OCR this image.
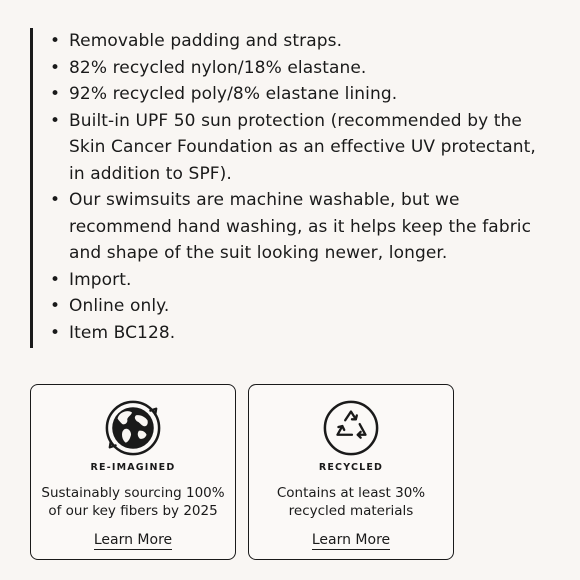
• Removable padding and straps.
• 82% recycled nylon/18% elastane.
• 92% recycled poly/8% elastane lining.
• Built-in UPF 50 sun protection (recommended by the Skin Cancer Foundation as an effective UV protectant, in addition to SPF).
• Our swimsuits are machine washable, but we recommend hand washing, as it helps keep the fabric and shape of the suit looking newer, longer.
• Import.
• Online only.
• Item BC128.
RE-IMAGINED
Sustainably sourcing 100% of our key fibers by 2025
Learn More
RECYCLED
Contains at least 30% recycled materials
Learn More
